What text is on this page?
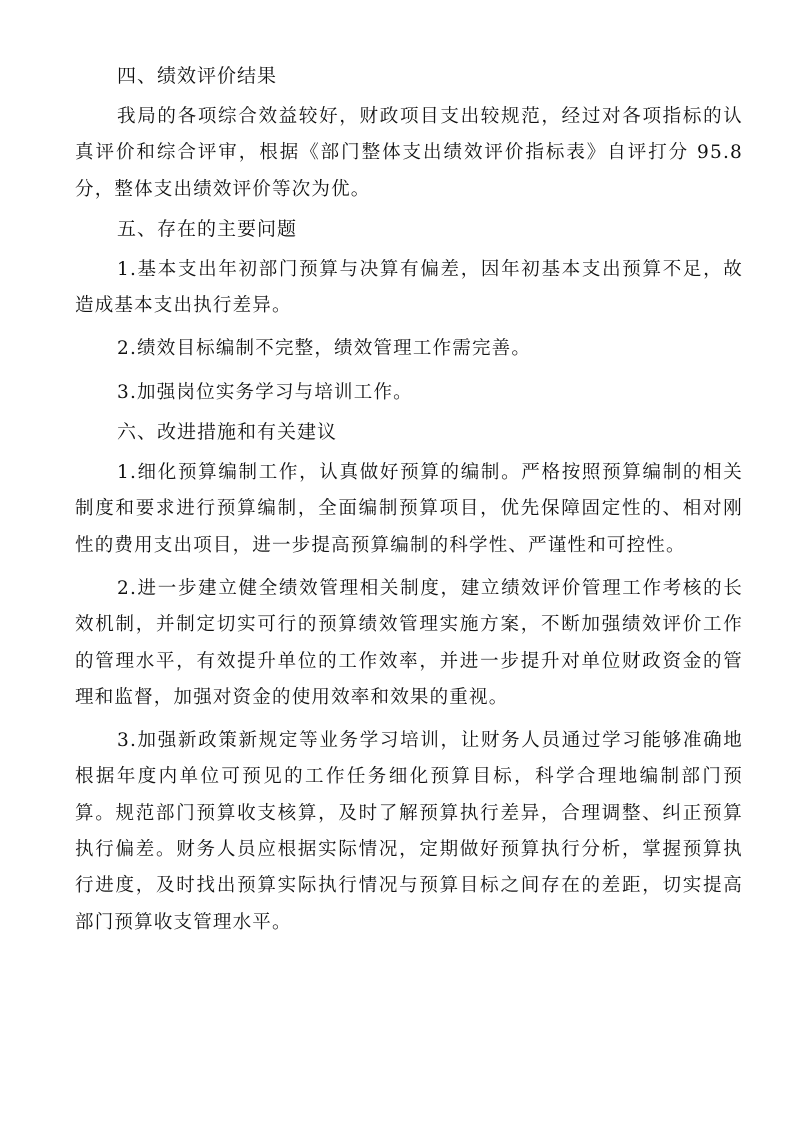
四、绩效评价结果

我局的各项综合效益较好，财政项目支出较规范，经过对各项指标的认真评价和综合评审，根据《部门整体支出绩效评价指标表》自评打分 95.8分，整体支出绩效评价等次为优。

五、存在的主要问题

1.基本支出年初部门预算与决算有偏差，因年初基本支出预算不足，故造成基本支出执行差异。

2.绩效目标编制不完整，绩效管理工作需完善。

3.加强岗位实务学习与培训工作。

六、改进措施和有关建议

1.细化预算编制工作，认真做好预算的编制。严格按照预算编制的相关制度和要求进行预算编制，全面编制预算项目，优先保障固定性的、相对刚性的费用支出项目，进一步提高预算编制的科学性、严谨性和可控性。

2.进一步建立健全绩效管理相关制度，建立绩效评价管理工作考核的长效机制，并制定切实可行的预算绩效管理实施方案，不断加强绩效评价工作的管理水平，有效提升单位的工作效率，并进一步提升对单位财政资金的管理和监督，加强对资金的使用效率和效果的重视。

3.加强新政策新规定等业务学习培训，让财务人员通过学习能够准确地根据年度内单位可预见的工作任务细化预算目标，科学合理地编制部门预算。规范部门预算收支核算，及时了解预算执行差异，合理调整、纠正预算执行偏差。财务人员应根据实际情况，定期做好预算执行分析，掌握预算执行进度，及时找出预算实际执行情况与预算目标之间存在的差距，切实提高部门预算收支管理水平。
